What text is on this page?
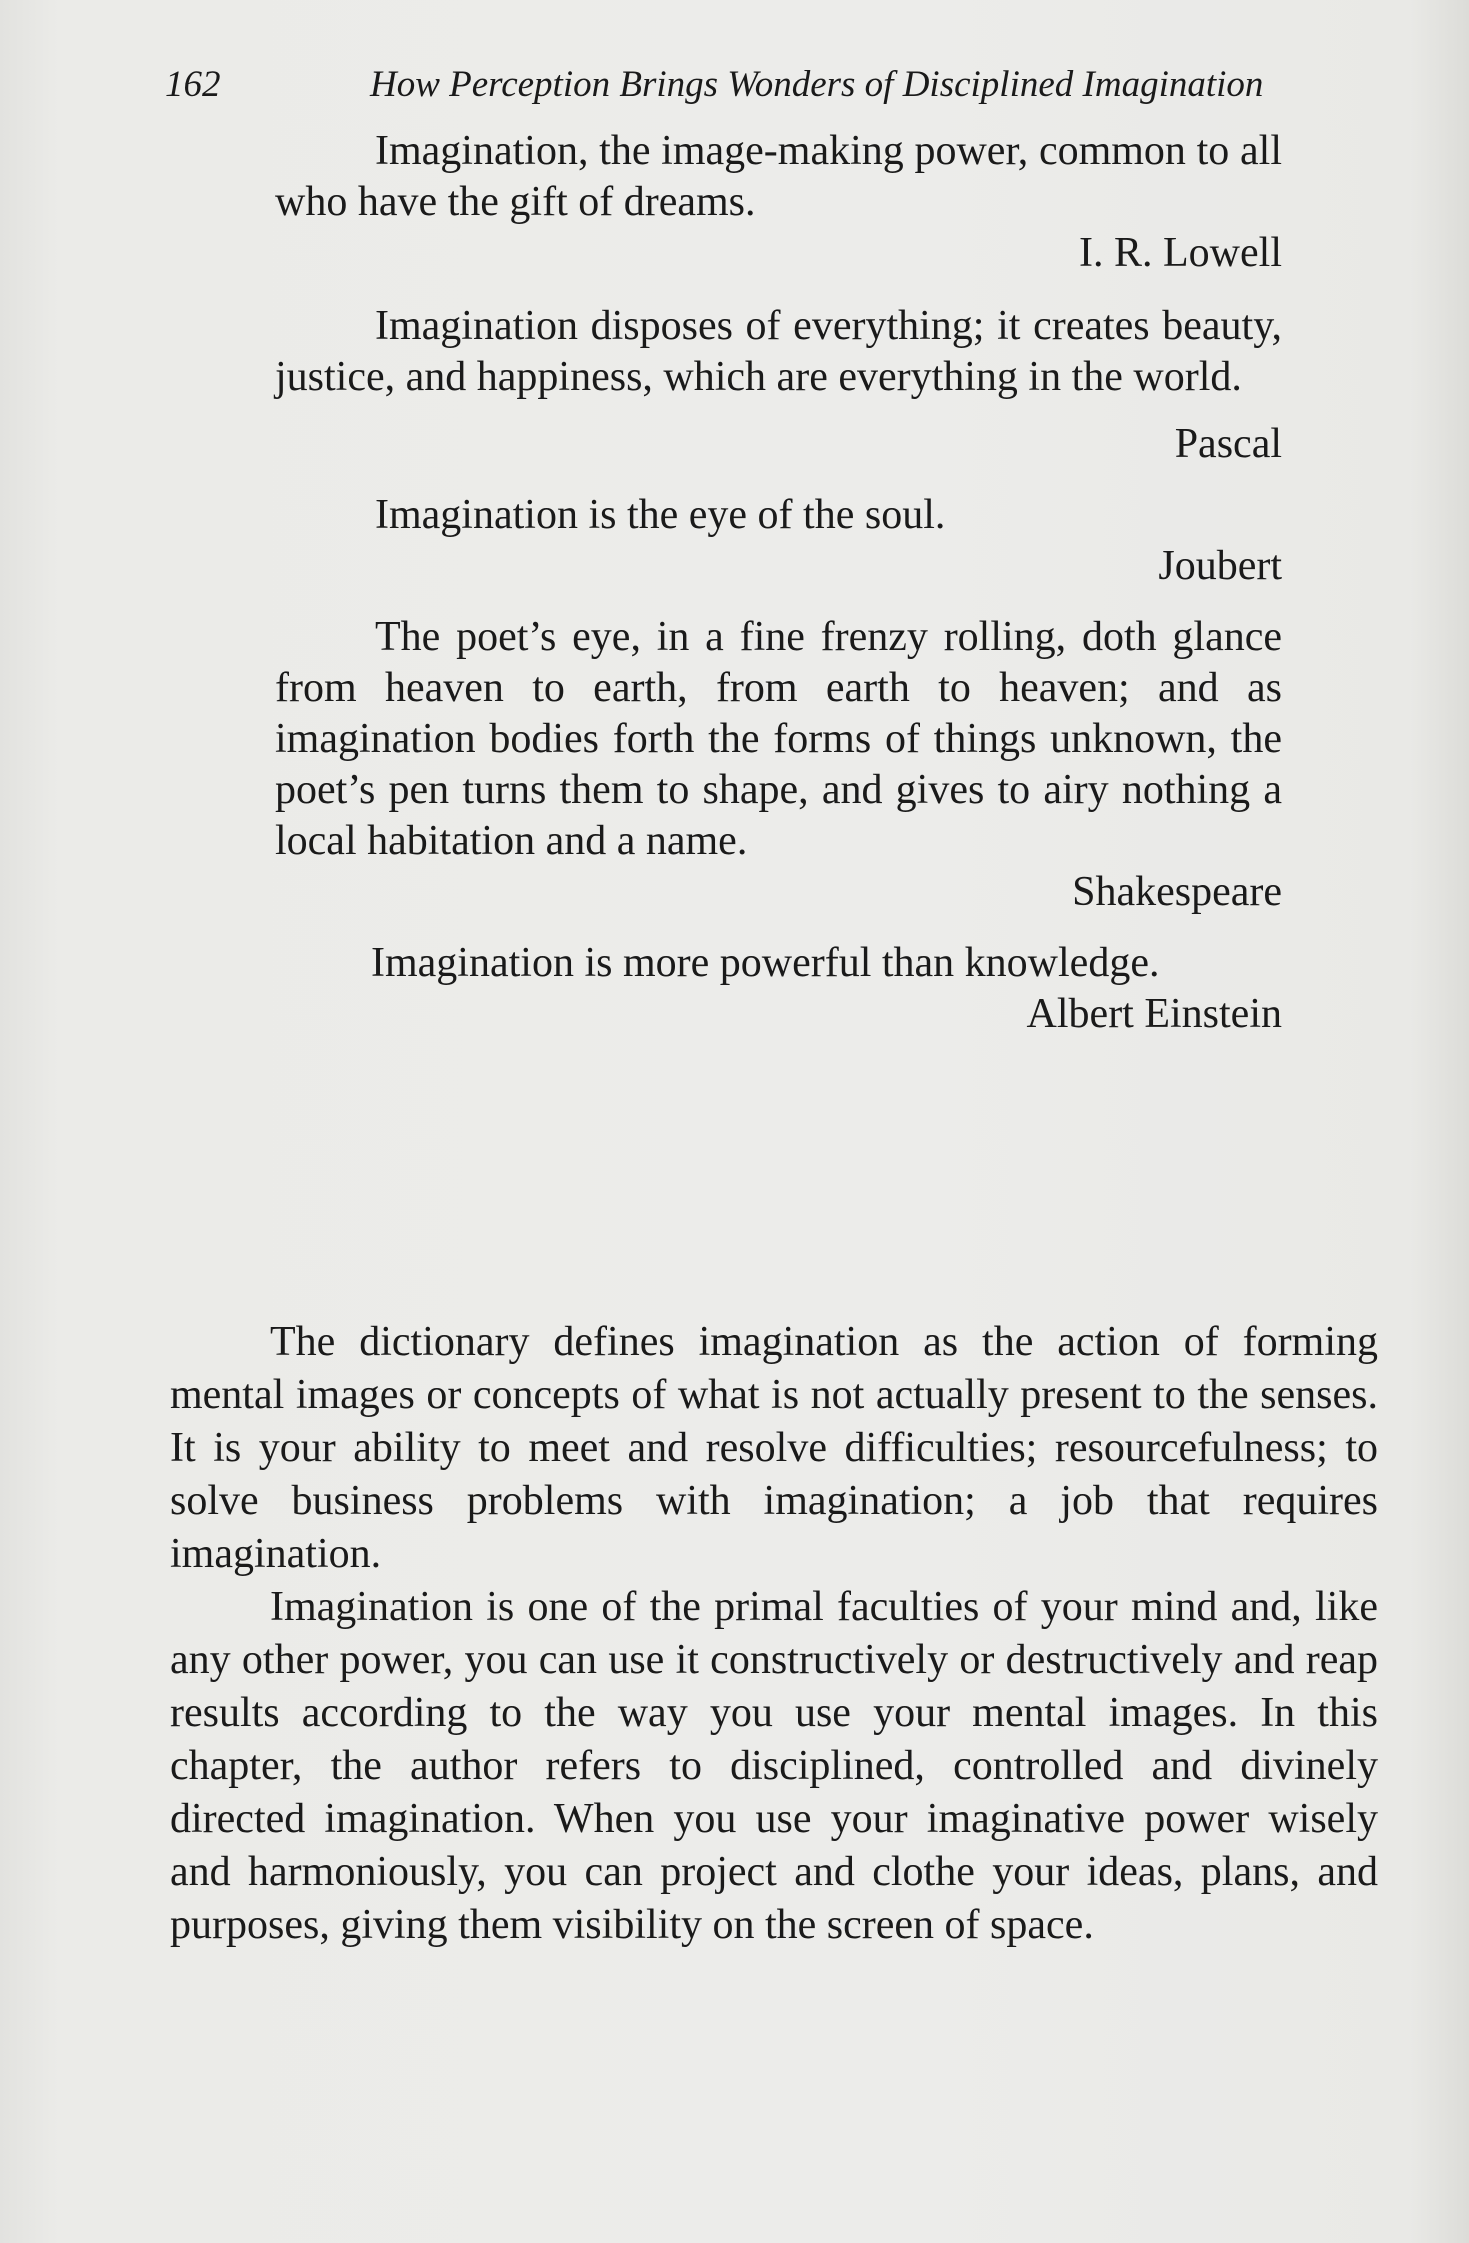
162	How Perception Brings Wonders of Disciplined Imagination

Imagination, the image-making power, common to all who have the gift of dreams.

I. R. Lowell

Imagination disposes of everything; it creates beauty, justice, and happiness, which are everything in the world.

Pascal

Imagination is the eye of the soul.

Joubert

The poet’s eye, in a fine frenzy rolling, doth glance from heaven to earth, from earth to heaven; and as imagination bodies forth the forms of things unknown, the poet’s pen turns them to shape, and gives to airy nothing a local habitation and a name.

Shakespeare

Imagination is more powerful than knowledge.

Albert Einstein

The dictionary defines imagination as the action of forming mental images or concepts of what is not actually present to the senses. It is your ability to meet and resolve difficulties; resourcefulness; to solve business problems with imagination; a job that requires imagination.

Imagination is one of the primal faculties of your mind and, like any other power, you can use it constructively or destructively and reap results according to the way you use your mental images. In this chapter, the author refers to disciplined, controlled and divinely directed imagination. When you use your imaginative power wisely and harmoniously, you can project and clothe your ideas, plans, and purposes, giving them visibility on the screen of space.
